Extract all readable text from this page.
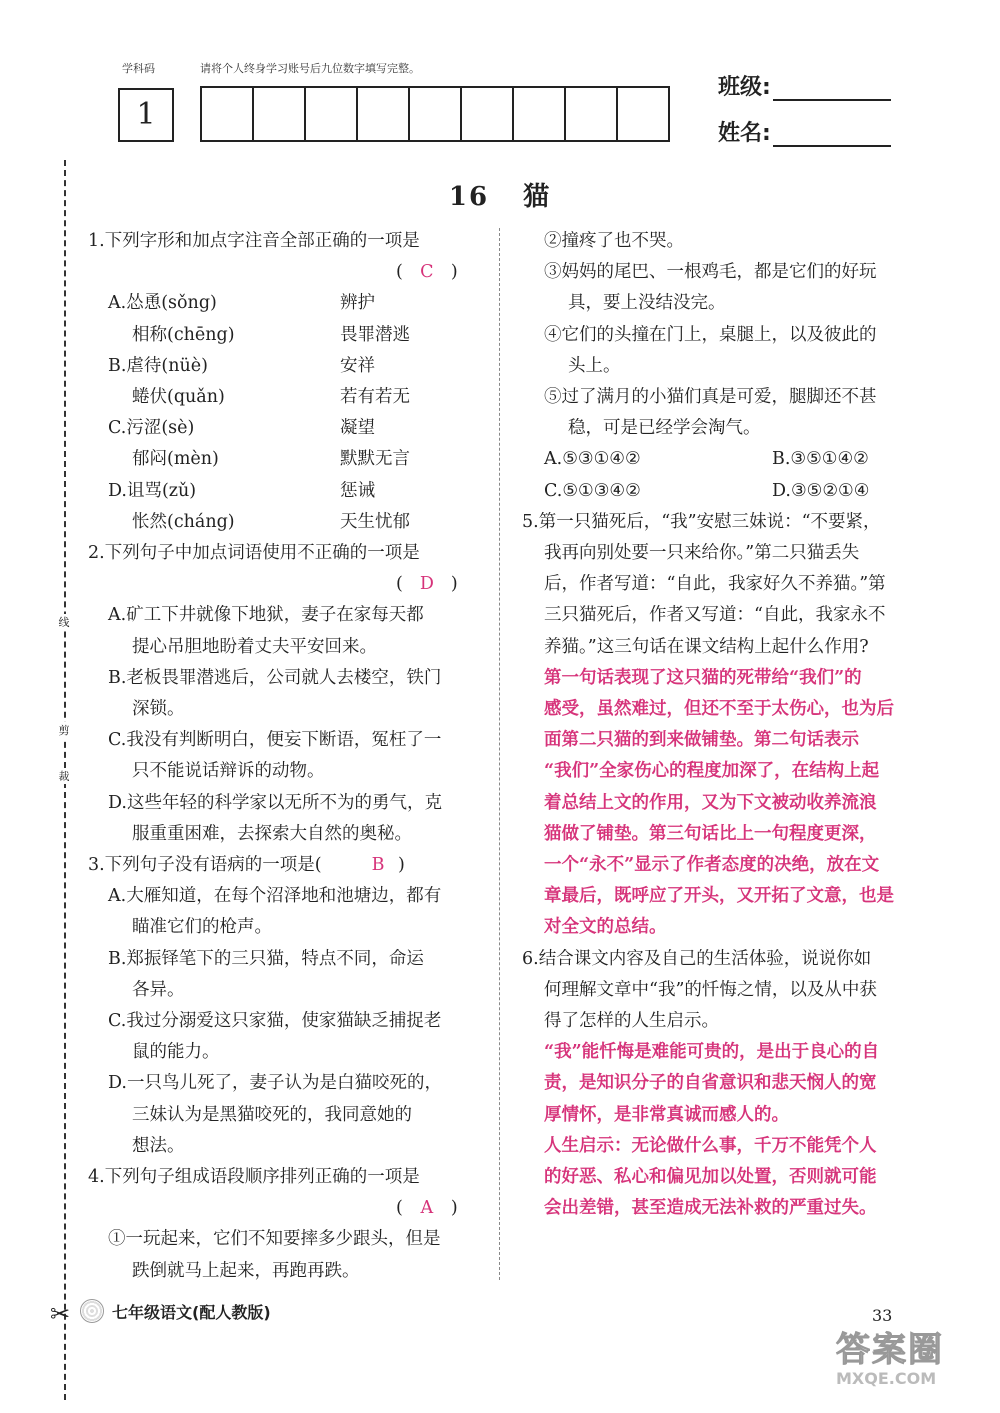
学科码	请将个人终身学习账号后九位数字填写完整。
1
班级:
姓名:
16 猫
线
剪
裁
✂
1.下列字形和加点字注音全部正确的一项是
( C )
A.怂恿(sǒng)	辨护
相称(chēng)	畏罪潜逃
B.虐待(nüè)	安祥
蜷伏(quǎn)	若有若无
C.污涩(sè)	凝望
郁闷(mèn)	默默无言
D.诅骂(zǔ)	惩诫
怅然(cháng)	天生忧郁
2.下列句子中加点词语使用不正确的一项是
( D )
A.矿工下井就像下地狱，妻子在家每天都
提心吊胆地盼着丈夫平安回来。
B.老板畏罪潜逃后，公司就人去楼空，铁门
深锁。
C.我没有判断明白，便妄下断语，冤枉了一
只不能说话辩诉的动物。
D.这些年轻的科学家以无所不为的勇气，克
服重重困难，去探索大自然的奥秘。
3.下列句子没有语病的一项是(	B )
A.大雁知道，在每个沼泽地和池塘边，都有
瞄准它们的枪声。
B.郑振铎笔下的三只猫，特点不同，命运
各异。
C.我过分溺爱这只家猫，使家猫缺乏捕捉老
鼠的能力。
D.一只鸟儿死了，妻子认为是白猫咬死的，
三妹认为是黑猫咬死的，我同意她的
想法。
4.下列句子组成语段顺序排列正确的一项是
( A )
①一玩起来，它们不知要摔多少跟头，但是
跌倒就马上起来，再跑再跌。
②撞疼了也不哭。
③妈妈的尾巴、一根鸡毛，都是它们的好玩
具，要上没结没完。
④它们的头撞在门上，桌腿上，以及彼此的
头上。
⑤过了满月的小猫们真是可爱，腿脚还不甚
稳，可是已经学会淘气。
A.⑤③①④②	B.③⑤①④②
C.⑤①③④②	D.③⑤②①④
5.第一只猫死后，“我”安慰三妹说：“不要紧，
我再向别处要一只来给你。”第二只猫丢失
后，作者写道：“自此，我家好久不养猫。”第
三只猫死后，作者又写道：“自此，我家永不
养猫。”这三句话在课文结构上起什么作用?
第一句话表现了这只猫的死带给“我们”的
感受，虽然难过，但还不至于太伤心，也为后
面第二只猫的到来做铺垫。第二句话表示
“我们”全家伤心的程度加深了，在结构上起
着总结上文的作用，又为下文被动收养流浪
猫做了铺垫。第三句话比上一句程度更深，
一个“永不”显示了作者态度的决绝，放在文
章最后，既呼应了开头，又开拓了文意，也是
对全文的总结。
6.结合课文内容及自己的生活体验，说说你如
何理解文章中“我”的忏悔之情，以及从中获
得了怎样的人生启示。
“我”能忏悔是难能可贵的，是出于良心的自
责，是知识分子的自省意识和悲天悯人的宽
厚情怀，是非常真诚而感人的。
人生启示：无论做什么事，千万不能凭个人
的好恶、私心和偏见加以处置，否则就可能
会出差错，甚至造成无法补救的严重过失。
七年级语文(配人教版)	33
答案圈
MXQE.COM
